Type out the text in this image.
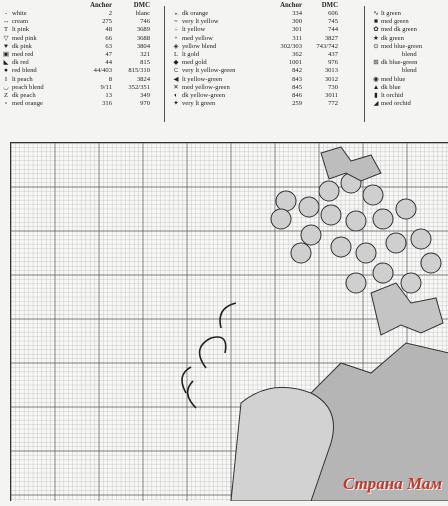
Anchor	DMC
- white	2	blanc
↔ cream	275	746
T lt pink	48	3689
▽ med pink	66	3688
♥ dk pink	63	3804
▣ med red	47	321
◣ dk red	44	815
● red blend	44/403	815/310
I lt peach	8	3824
◡ peach blend	9/11	352/351
Z dk peach	13	349
▫ med orange	316	970
Anchor	DMC
« dk orange	334	606
= very lt yellow	300	745
÷ lt yellow	301	744
+ med yellow	311	3827
◈ yellow blend	302/303	743/742
L lt gold	362	437
◆ med gold	1001	976
⊂ very lt yellow-green	842	3013
◀ lt yellow-green	843	3012
✕ med yellow-green	845	730
◐ dk yellow-green	846	3011
✦ very lt green	259	772
∿ lt green
■ med green
✿ med dk green
★ dk green
⊙ med blue-green
blend
⊞ dk blue-green
blend
◉ med blue
▲ dk blue
▮ lt orchid
◢ med orchid
Страна Мам
